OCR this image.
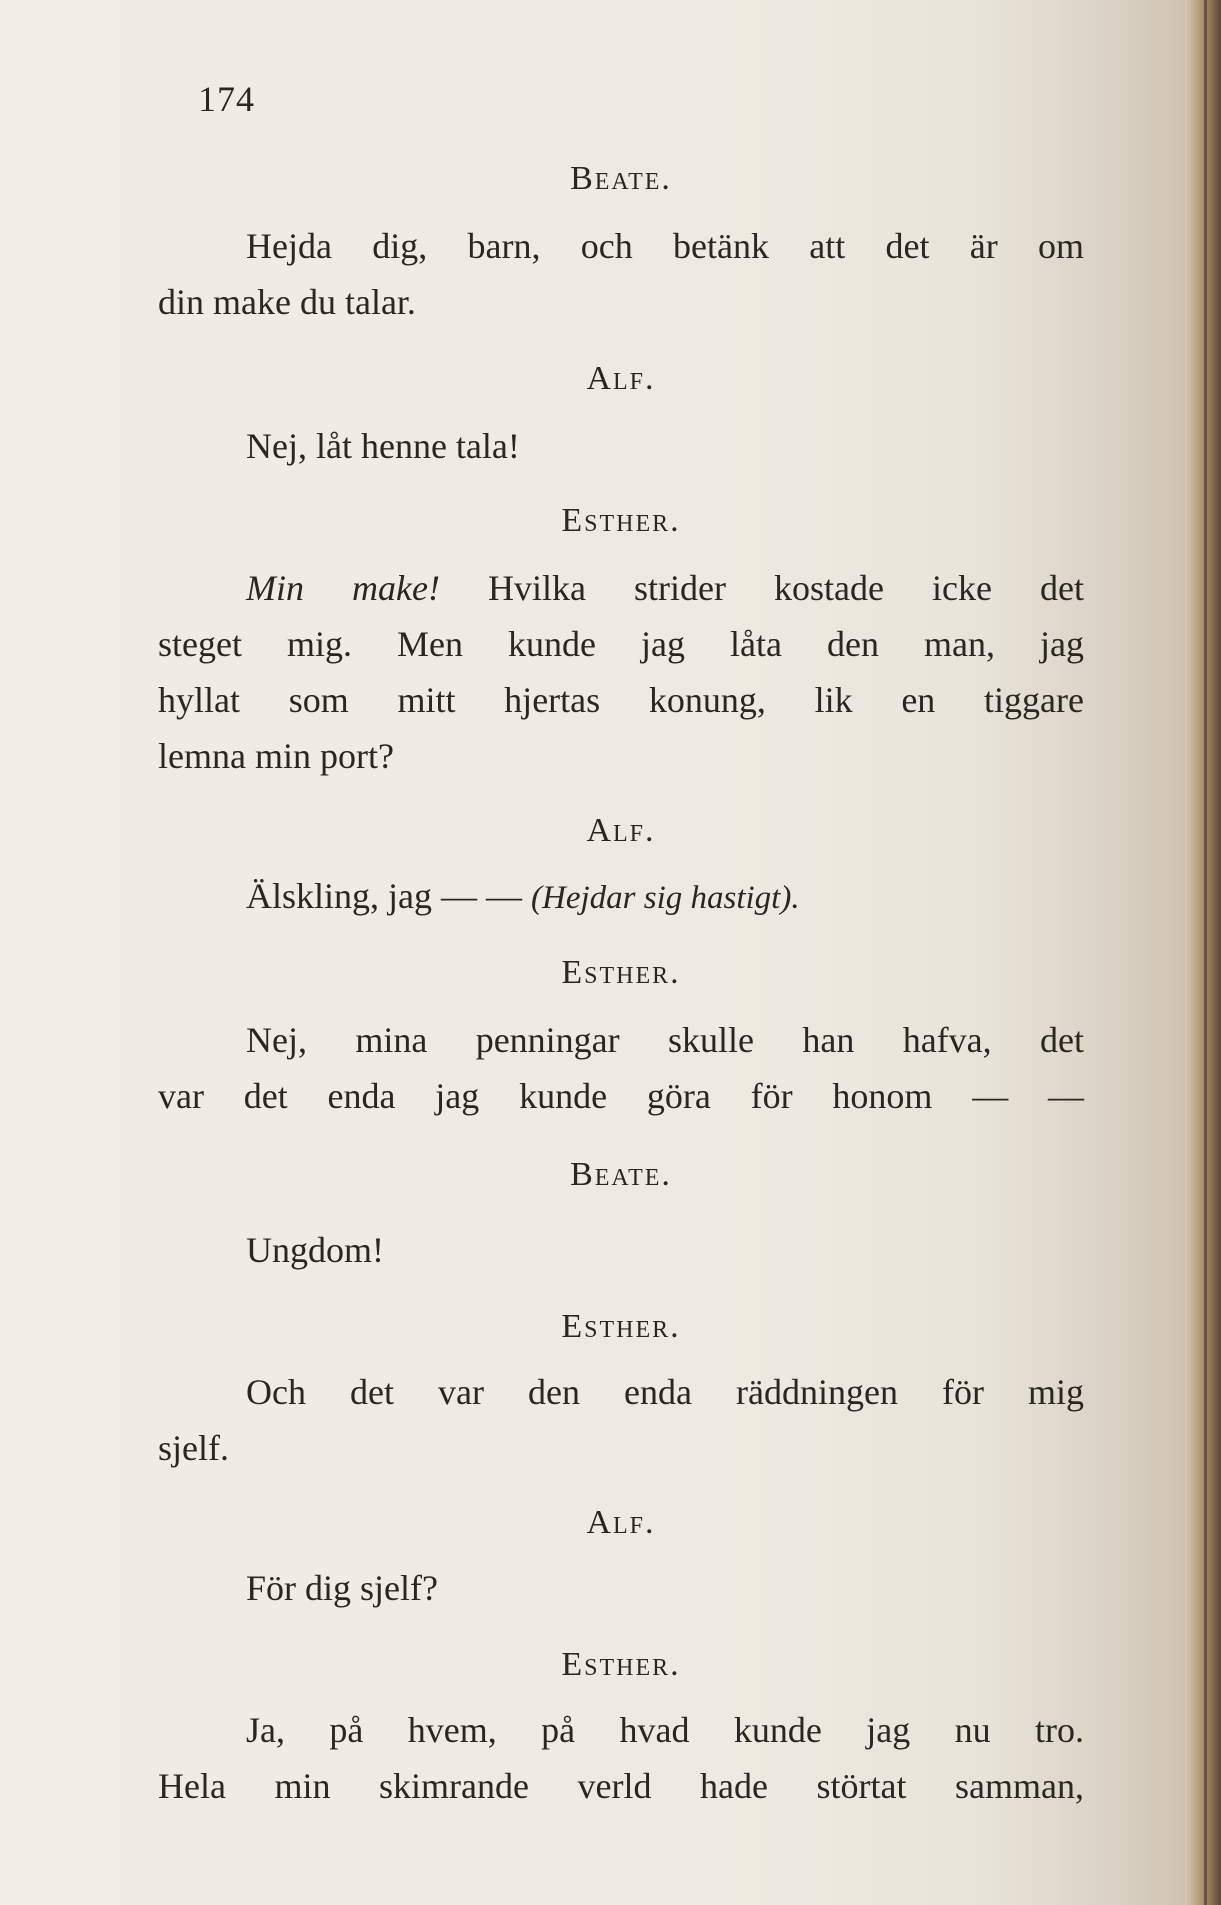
174
Beate.
Hejda dig, barn, och betänk att det är om
din make du talar.
Alf.
Nej, låt henne tala!
Esther.
Min make! Hvilka strider kostade icke det
steget mig. Men kunde jag låta den man, jag
hyllat som mitt hjertas konung, lik en tiggare
lemna min port?
Alf.
Älskling, jag — — (Hejdar sig hastigt).
Esther.
Nej, mina penningar skulle han hafva, det
var det enda jag kunde göra för honom — —
Beate.
Ungdom!
Esther.
Och det var den enda räddningen för mig
sjelf.
Alf.
För dig sjelf?
Esther.
Ja, på hvem, på hvad kunde jag nu tro.
Hela min skimrande verld hade störtat samman,
